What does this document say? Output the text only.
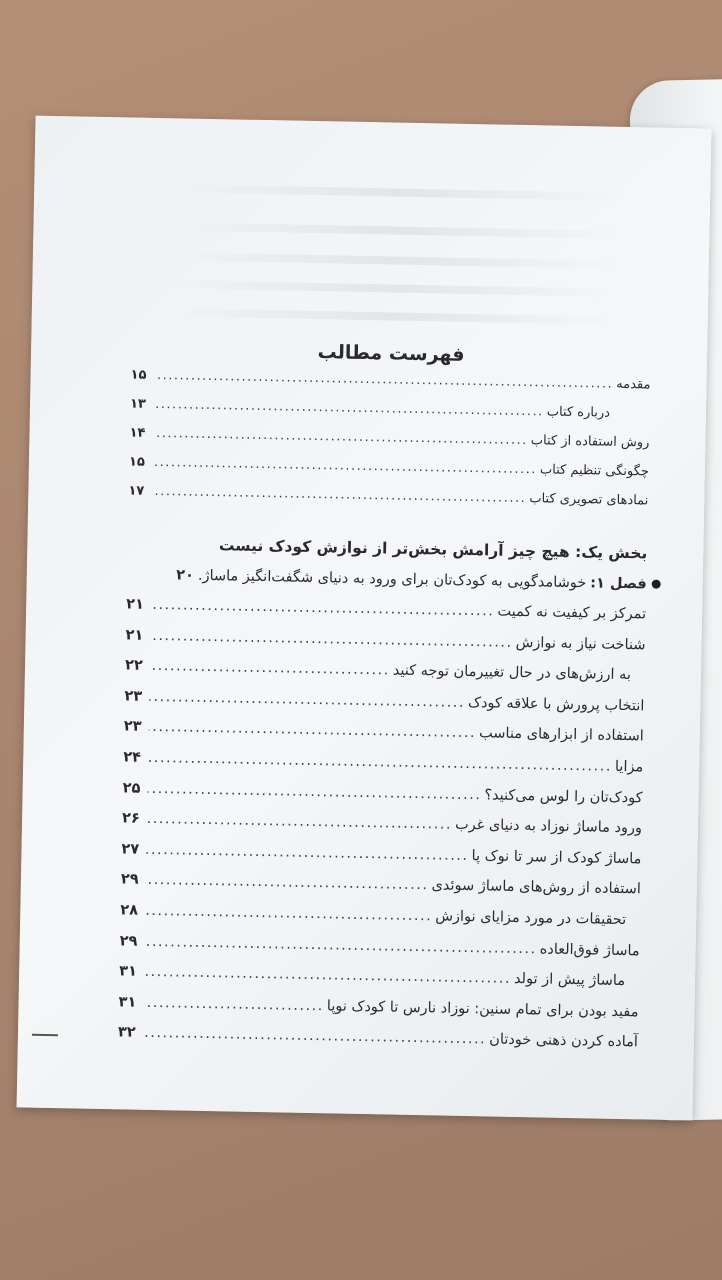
فهرست مطالب
مقدمه
.....
۱۵
درباره کتاب
.....
۱۳
روش استفاده از کتاب
.....
۱۴
چگونگی تنظیم کتاب
.....
۱۵
نمادهای تصویری کتاب
.....
۱۷
بخش یک: هیچ چیز آرامش بخش‌تر از نوازش کودک نیست
فصل ۱:
خوشامدگویی به کودک‌تان برای ورود به دنیای شگفت‌انگیز ماساژ.
۲۰
تمرکز بر کیفیت نه کمیت
.....
۲۱
شناخت نیاز به نوازش
.....
۲۱
به ارزش‌های در حال تغییرمان توجه کنید
.....
۲۲
انتخاب پرورش با علاقه کودک
.....
۲۳
استفاده از ابزارهای مناسب
.....
۲۳
مزایا
.....
۲۴
کودک‌تان را لوس می‌کنید؟
.....
۲۵
ورود ماساژ نوزاد به دنیای غرب
.....
۲۶
ماساژ کودک از سر تا نوک پا
.....
۲۷
استفاده از روش‌های ماساژ سوئدی
.....
۲۹
تحقیقات در مورد مزایای نوازش
.....
۲۸
ماساژ فوق‌العاده
.....
۲۹
ماساژ پیش از تولد
.....
۳۱
مفید بودن برای تمام سنین: نوزاد نارس تا کودک نوپا
.....
۳۱
آماده کردن ذهنی خودتان
.....
۳۲
